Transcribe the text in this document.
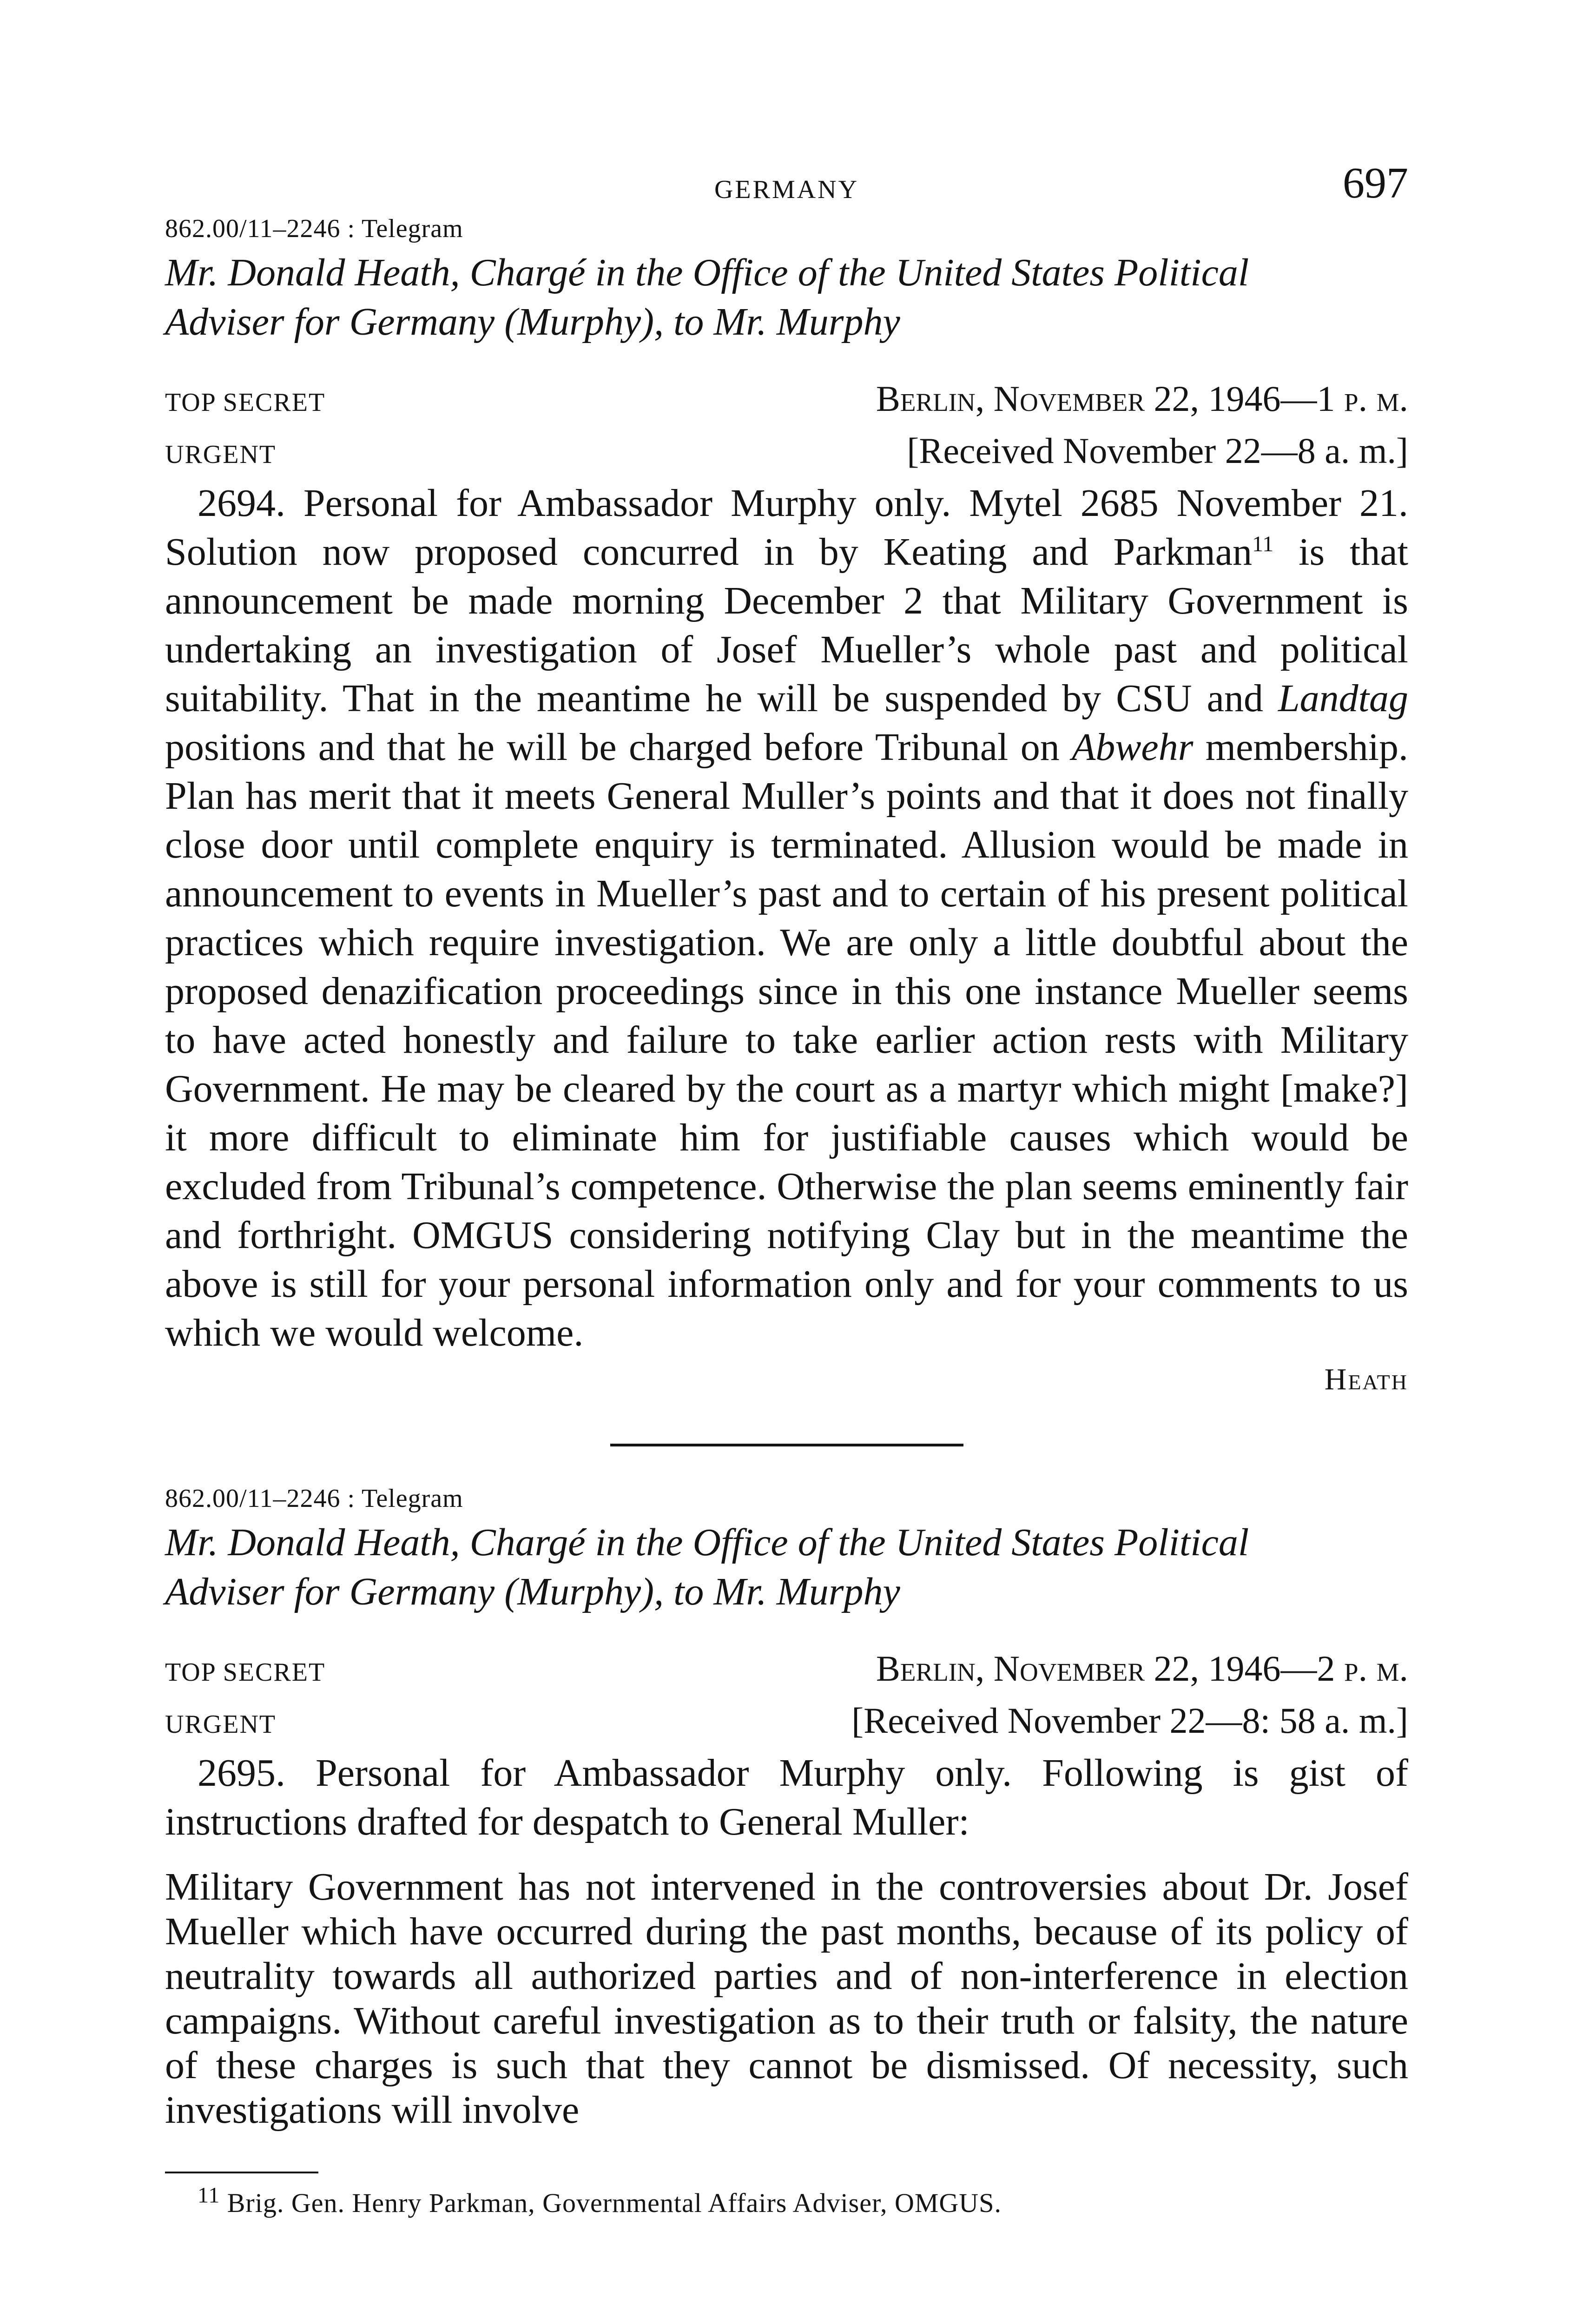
GERMANY	697
862.00/11–2246 : Telegram
Mr. Donald Heath, Chargé in the Office of the United States Political
Adviser for Germany (Murphy), to Mr. Murphy
TOP SECRET	Berlin, November 22, 1946—1 p. m.
URGENT	[Received November 22—8 a. m.]

2694. Personal for Ambassador Murphy only. Mytel 2685 November 21. Solution now proposed concurred in by Keating and Parkman$^{11}$ is that announcement be made morning December 2 that Military Government is undertaking an investigation of Josef Mueller’s whole past and political suitability. That in the meantime he will be suspended by CSU and Landtag positions and that he will be charged before Tribunal on Abwehr membership. Plan has merit that it meets General Muller’s points and that it does not finally close door until complete enquiry is terminated. Allusion would be made in announcement to events in Mueller’s past and to certain of his present political practices which require investigation. We are only a little doubtful about the proposed denazification proceedings since in this one instance Mueller seems to have acted honestly and failure to take earlier action rests with Military Government. He may be cleared by the court as a martyr which might [make?] it more difficult to eliminate him for justifiable causes which would be excluded from Tribunal’s competence. Otherwise the plan seems eminently fair and forthright. OMGUS considering notifying Clay but in the meantime the above is still for your personal information only and for your comments to us which we would welcome.

Heath
862.00/11–2246 : Telegram
Mr. Donald Heath, Chargé in the Office of the United States Political
Adviser for Germany (Murphy), to Mr. Murphy
TOP SECRET	Berlin, November 22, 1946—2 p. m.
URGENT	[Received November 22—8: 58 a. m.]

2695. Personal for Ambassador Murphy only. Following is gist of instructions drafted for despatch to General Muller:

Military Government has not intervened in the controversies about Dr. Josef Mueller which have occurred during the past months, because of its policy of neutrality towards all authorized parties and of non-interference in election campaigns. Without careful investigation as to their truth or falsity, the nature of these charges is such that they cannot be dismissed. Of necessity, such investigations will involve

$^{11}$ Brig. Gen. Henry Parkman, Governmental Affairs Adviser, OMGUS.
